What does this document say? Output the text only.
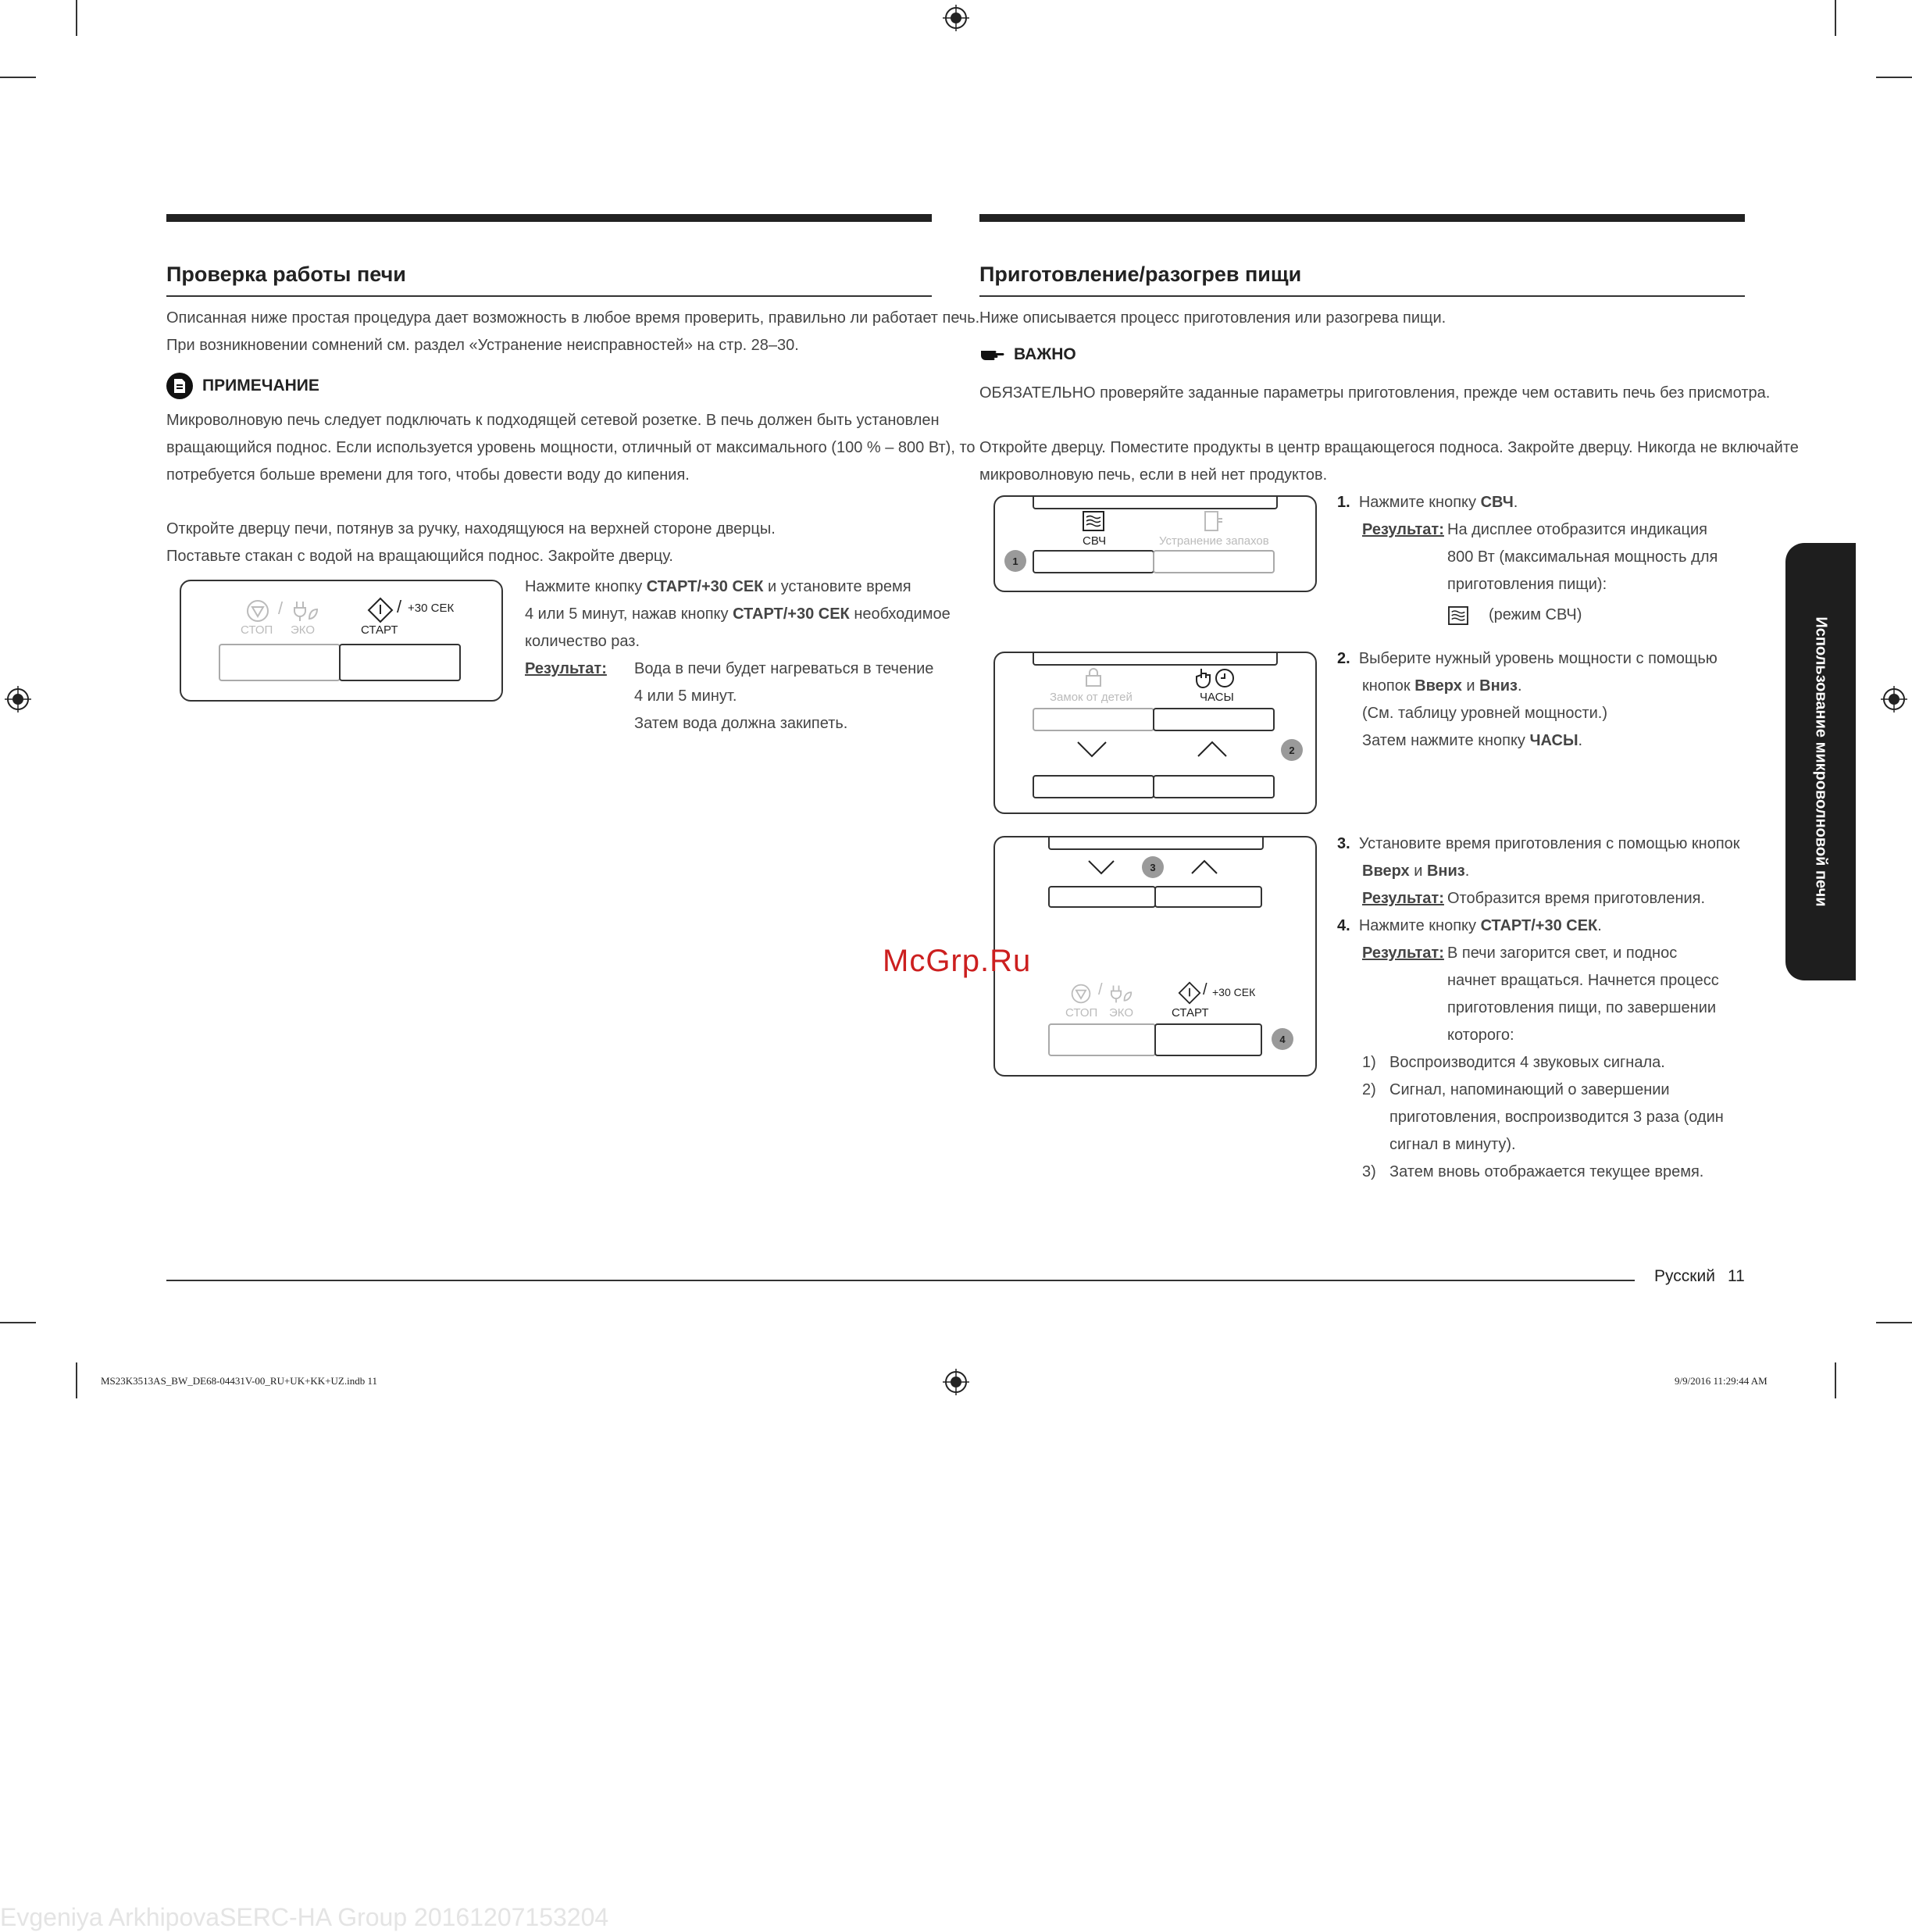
Проверка работы печи

Описанная ниже простая процедура дает возможность в любое время проверить, правильно ли работает печь.

При возникновении сомнений см. раздел «Устранение неисправностей» на стр. 28–30.

ПРИМЕЧАНИЕ

Микроволновую печь следует подключать к подходящей сетевой розетке. В печь должен быть установлен

вращающийся поднос. Если используется уровень мощности, отличный от максимального (100 % – 800 Вт), то

потребуется больше времени для того, чтобы довести воду до кипения.

Откройте дверцу печи, потянув за ручку, находящуюся на верхней стороне дверцы.

Поставьте стакан с водой на вращающийся поднос. Закройте дверцу.

/
СТОП ЭКО
/ +30 СЕК
СТАРТ
Нажмите кнопку СТАРТ/+30 СЕК и установите время
4 или 5 минут, нажав кнопку СТАРТ/+30 СЕК необходимое
количество раз.
Результат: Вода в печи будет нагреваться в течение
4 или 5 минут.
Затем вода должна закипеть.
Приготовление/разогрев пищи

Ниже описывается процесс приготовления или разогрева пищи.

ВАЖНО

ОБЯЗАТЕЛЬНО проверяйте заданные параметры приготовления, прежде чем оставить печь без присмотра.

Откройте дверцу. Поместите продукты в центр вращающегося подноса. Закройте дверцу. Никогда не включайте

микроволновую печь, если в ней нет продуктов.

СВЧ	Устранение запахов
1
Замок от детей	ЧАСЫ
2
3
/
СТОП ЭКО
/ +30 СЕК
СТАРТ
4
1. Нажмите кнопку СВЧ.
Результат: На дисплее отобразится индикация
800 Вт (максимальная мощность для
приготовления пищи):
(режим СВЧ)
2. Выберите нужный уровень мощности с помощью
кнопок Вверх и Вниз.
(См. таблицу уровней мощности.)
Затем нажмите кнопку ЧАСЫ.
3. Установите время приготовления с помощью кнопок
Вверх и Вниз.
Результат: Отобразится время приготовления.
4. Нажмите кнопку СТАРТ/+30 СЕК.
Результат: В печи загорится свет, и поднос
начнет вращаться. Начнется процесс
приготовления пищи, по завершении
которого:
1) Воспроизводится 4 звуковых сигнала.
2) Сигнал, напоминающий о завершении
приготовления, воспроизводится 3 раза (один
сигнал в минуту).
3) Затем вновь отображается текущее время.
McGrp.Ru
Использование микроволновой печи
Русский 11
MS23K3513AS_BW_DE68-04431V-00_RU+UK+KK+UZ.indb 11	9/9/2016 11:29:44 AM
Evgeniya ArkhipovaSERC-HA Group 20161207153204
